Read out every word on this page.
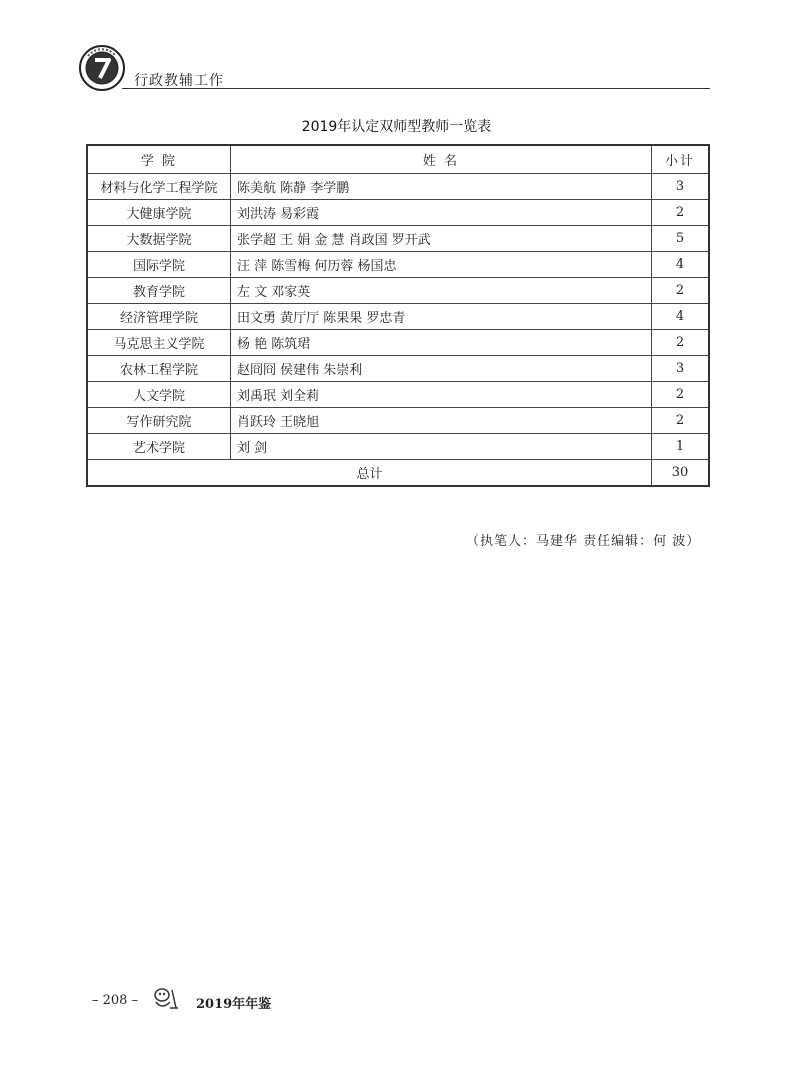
行政教辅工作
2019年认定双师型教师一览表
学 院	姓 名	小计
材料与化学工程学院	陈美航 陈静 李学鹏	3
大健康学院	刘洪涛 易彩霞	2
大数据学院	张学超 王 娟 金 慧 肖政国 罗开武	5
国际学院	汪 萍 陈雪梅 何历蓉 杨国忠	4
教育学院	左 文 邓家英	2
经济管理学院	田文勇 黄厅厅 陈果果 罗忠青	4
马克思主义学院	杨 艳 陈筑珺	2
农林工程学院	赵冏冏 侯建伟 朱崇利	3
人文学院	刘禹珉 刘全莉	2
写作研究院	肖跃玲 王晓旭	2
艺术学院	刘 剑	1
总计		30
（执笔人：马建华 责任编辑：何 波）
– 208 –	2019年年鉴
